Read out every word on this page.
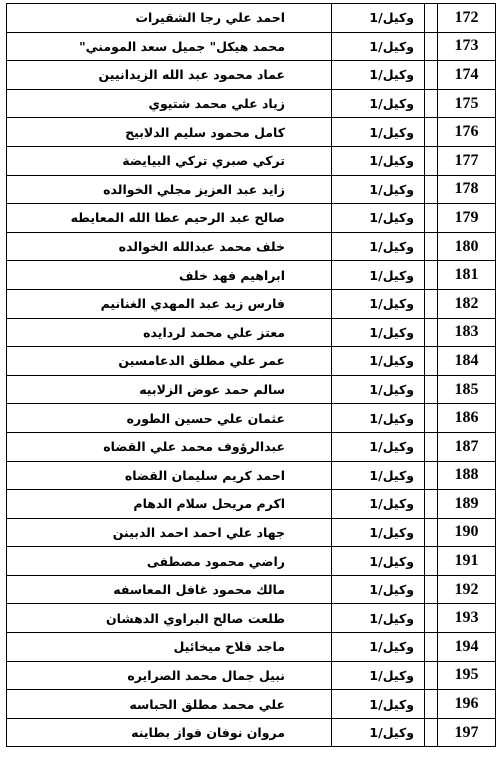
172		وكيل/1	احمد علي رجا الشقيرات
173		وكيل/1	محمد هيكل" جميل سعد المومني"
174		وكيل/1	عماد محمود عبد الله الزيدانيين
175		وكيل/1	زياد علي محمد شتيوي
176		وكيل/1	كامل محمود سليم الدلابيح
177		وكيل/1	تركي صبري تركي البيايضة
178		وكيل/1	زايد عبد العزيز مجلي الخوالده
179		وكيل/1	صالح عبد الرحيم عطا الله المعايطه
180		وكيل/1	خلف محمد عبدالله الخوالده
181		وكيل/1	ابراهيم فهد خلف
182		وكيل/1	فارس زيد عبد المهدي الغنانيم
183		وكيل/1	معتز علي محمد لردايده
184		وكيل/1	عمر علي مطلق الدعامسين
185		وكيل/1	سالم حمد عوض الزلابيه
186		وكيل/1	عثمان علي حسين الطوره
187		وكيل/1	عبدالرؤوف محمد علي القضاه
188		وكيل/1	احمد كريم سليمان القضاه
189		وكيل/1	اكرم مريحل سلام الدهام
190		وكيل/1	جهاد علي احمد احمد الدبينن
191		وكيل/1	راضي محمود مصطفى
192		وكيل/1	مالك محمود غافل المعاسفه
193		وكيل/1	طلعت صالح البراوي الدهشان
194		وكيل/1	ماجد فلاح ميخائيل
195		وكيل/1	نبيل جمال محمد الصرايره
196		وكيل/1	علي محمد مطلق الحباسه
197		وكيل/1	مروان نوفان فواز بطاينه
